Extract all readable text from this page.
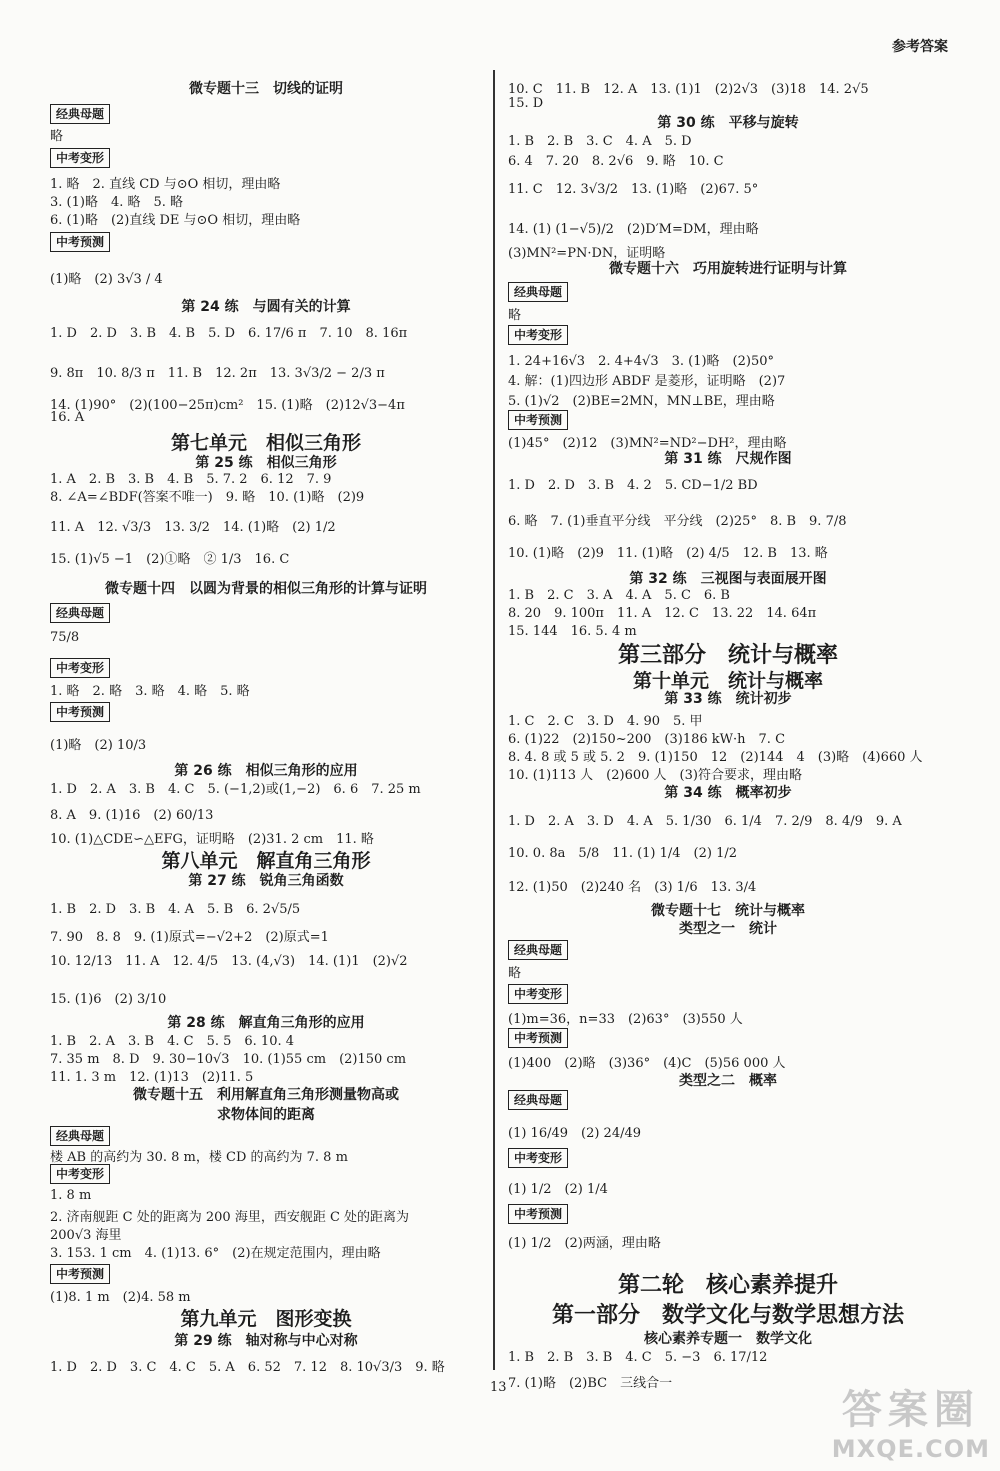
参考答案
微专题十三　切线的证明
经典母题
略
中考变形
1. 略　2. 直线 CD 与⊙O 相切，理由略
3. (1)略　4. 略　5. 略
6. (1)略　(2)直线 DE 与⊙O 相切，理由略
中考预测
(1)略　(2) 3√3 / 4
第 24 练　与圆有关的计算
1. D　2. D　3. B　4. B　5. D　6. 17/6 π　7. 10　8. 16π
9. 8π　10. 8/3 π　11. B　12. 2π　13. 3√3/2 − 2/3 π
14. (1)90°　(2)(100−25π)cm²　15. (1)略　(2)12√3−4π
16. A
第七单元　相似三角形
第 25 练　相似三角形
1. A　2. B　3. B　4. B　5. 7. 2　6. 12　7. 9
8. ∠A=∠BDF(答案不唯一)　9. 略　10. (1)略　(2)9
11. A　12. √3/3　13. 3/2　14. (1)略　(2) 1/2
15. (1)√5 −1　(2)①略　② 1/3　16. C
微专题十四　以圆为背景的相似三角形的计算与证明
经典母题
75/8
中考变形
1. 略　2. 略　3. 略　4. 略　5. 略
中考预测
(1)略　(2) 10/3
第 26 练　相似三角形的应用
1. D　2. A　3. B　4. C　5. (−1,2)或(1,−2)　6. 6　7. 25 m
8. A　9. (1)16　(2) 60/13
10. (1)△CDE∽△EFG，证明略　(2)31. 2 cm　11. 略
第八单元　解直角三角形
第 27 练　锐角三角函数
1. B　2. D　3. B　4. A　5. B　6. 2√5/5
7. 90　8. 8　9. (1)原式=−√2+2　(2)原式=1
10. 12/13　11. A　12. 4/5　13. (4,√3)　14. (1)1　(2)√2
15. (1)6　(2) 3/10
第 28 练　解直角三角形的应用
1. B　2. A　3. B　4. C　5. 5　6. 10. 4
7. 35 m　8. D　9. 30−10√3　10. (1)55 cm　(2)150 cm
11. 1. 3 m　12. (1)13　(2)11. 5
微专题十五　利用解直角三角形测量物高或
求物体间的距离
经典母题
楼 AB 的高约为 30. 8 m，楼 CD 的高约为 7. 8 m
中考变形
1. 8 m
2. 济南舰距 C 处的距离为 200 海里，西安舰距 C 处的距离为
200√3 海里
3. 153. 1 cm　4. (1)13. 6°　(2)在规定范围内，理由略
中考预测
(1)8. 1 m　(2)4. 58 m
第九单元　图形变换
第 29 练　轴对称与中心对称
1. D　2. D　3. C　4. C　5. A　6. 52　7. 12　8. 10√3/3　9. 略
10. C　11. B　12. A　13. (1)1　(2)2√3　(3)18　14. 2√5
15. D
第 30 练　平移与旋转
1. B　2. B　3. C　4. A　5. D
6. 4　7. 20　8. 2√6　9. 略　10. C
11. C　12. 3√3/2　13. (1)略　(2)67. 5°
14. (1) (1−√5)/2　(2)D′M=DM，理由略
(3)MN²=PN·DN，证明略
微专题十六　巧用旋转进行证明与计算
经典母题
略
中考变形
1. 24+16√3　2. 4+4√3　3. (1)略　(2)50°
4. 解：(1)四边形 ABDF 是菱形，证明略　(2)7
5. (1)√2　(2)BE=2MN，MN⊥BE，理由略
中考预测
(1)45°　(2)12　(3)MN²=ND²−DH²，理由略
第 31 练　尺规作图
1. D　2. D　3. B　4. 2　5. CD−1/2 BD
6. 略　7. (1)垂直平分线　平分线　(2)25°　8. B　9. 7/8
10. (1)略　(2)9　11. (1)略　(2) 4/5　12. B　13. 略
第 32 练　三视图与表面展开图
1. B　2. C　3. A　4. A　5. C　6. B
8. 20　9. 100π　11. A　12. C　13. 22　14. 64π
15. 144　16. 5. 4 m
第三部分　统计与概率
第十单元　统计与概率
第 33 练　统计初步
1. C　2. C　3. D　4. 90　5. 甲
6. (1)22　(2)150~200　(3)186 kW·h　7. C
8. 4. 8 或 5 或 5. 2　9. (1)150　12　(2)144　4　(3)略　(4)660 人
10. (1)113 人　(2)600 人　(3)符合要求，理由略
第 34 练　概率初步
1. D　2. A　3. D　4. A　5. 1/30　6. 1/4　7. 2/9　8. 4/9　9. A
10. 0. 8a　5/8　11. (1) 1/4　(2) 1/2
12. (1)50　(2)240 名　(3) 1/6　13. 3/4
微专题十七　统计与概率
类型之一　统计
经典母题
略
中考变形
(1)m=36，n=33　(2)63°　(3)550 人
中考预测
(1)400　(2)略　(3)36°　(4)C　(5)56 000 人
类型之二　概率
经典母题
(1) 16/49　(2) 24/49
中考变形
(1) 1/2　(2) 1/4
中考预测
(1) 1/2　(2)两涵，理由略
第二轮　核心素养提升
第一部分　数学文化与数学思想方法
核心素养专题一　数学文化
1. B　2. B　3. B　4. C　5. −3　6. 17/12
7. (1)略　(2)BC　三线合一
13	答案圈
MXQE.COM
